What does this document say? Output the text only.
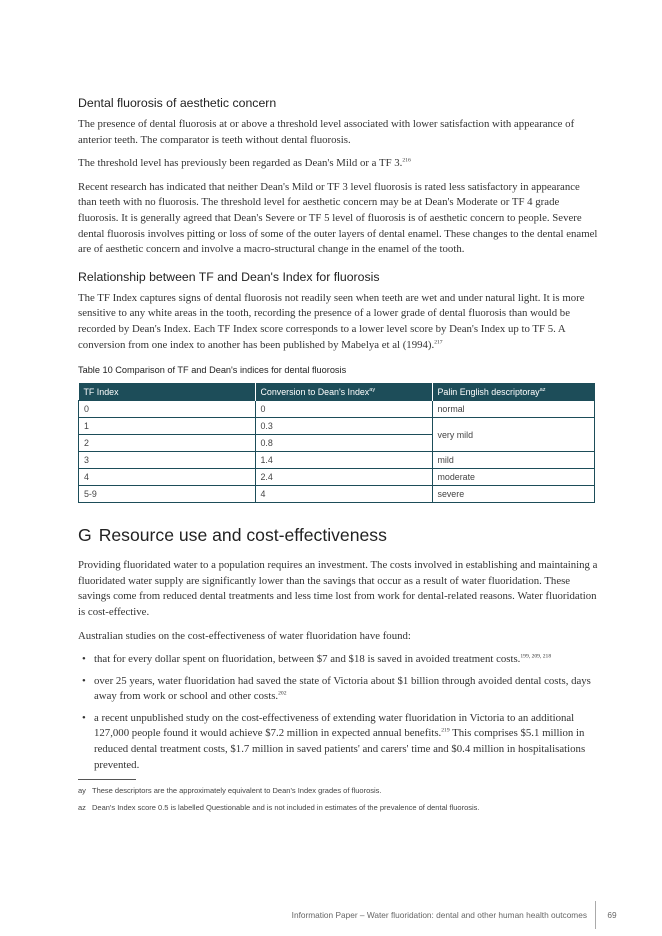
Dental fluorosis of aesthetic concern

The presence of dental fluorosis at or above a threshold level associated with lower satisfaction with appearance of anterior teeth. The comparator is teeth without dental fluorosis.

The threshold level has previously been regarded as Dean's Mild or a TF 3.$^{216}$

Recent research has indicated that neither Dean's Mild or TF 3 level fluorosis is rated less satisfactory in appearance than teeth with no fluorosis. The threshold level for aesthetic concern may be at Dean's Moderate or TF 4 grade fluorosis. It is generally agreed that Dean's Severe or TF 5 level of fluorosis is of aesthetic concern to people. Severe dental fluorosis involves pitting or loss of some of the outer layers of dental enamel. These changes to the dental enamel are of aesthetic concern and involve a macro-structural change in the enamel of the tooth.

Relationship between TF and Dean's Index for fluorosis

The TF Index captures signs of dental fluorosis not readily seen when teeth are wet and under natural light. It is more sensitive to any white areas in the tooth, recording the presence of a lower grade of dental fluorosis than would be recorded by Dean's Index. Each TF Index score corresponds to a lower level score by Dean's Index up to TF 5. A conversion from one index to another has been published by Mabelya et al (1994).$^{217}$

Table 10 Comparison of TF and Dean's indices for dental fluorosis
TF Index	Conversion to Dean's Index$^{ay}$	Palin English descriptoray$^{az}$
0	0	normal
1	0.3	very mild
2	0.8	
3	1.4	mild
4	2.4	moderate
5-9	4	severe
G Resource use and cost-effectiveness

Providing fluoridated water to a population requires an investment. The costs involved in establishing and maintaining a fluoridated water supply are significantly lower than the savings that occur as a result of water fluoridation. These savings come from reduced dental treatments and less time lost from work for dental-related reasons. Water fluoridation is cost-effective.

Australian studies on the cost-effectiveness of water fluoridation have found:

• that for every dollar spent on fluoridation, between $7 and $18 is saved in avoided treatment costs.$^{199, 209, 218}$
• over 25 years, water fluoridation had saved the state of Victoria about $1 billion through avoided dental costs, days away from work or school and other costs.$^{202}$
• a recent unpublished study on the cost-effectiveness of extending water fluoridation in Victoria to an additional 127,000 people found it would achieve $7.2 million in expected annual benefits.$^{219}$ This comprises $5.1 million in reduced dental treatment costs, $1.7 million in saved patients' and carers' time and $0.4 million in hospitalisations prevented.
ay These descriptors are the approximately equivalent to Dean's Index grades of fluorosis.
az Dean's Index score 0.5 is labelled Questionable and is not included in estimates of the prevalence of dental fluorosis.
Information Paper – Water fluoridation: dental and other human health outcomes	69
